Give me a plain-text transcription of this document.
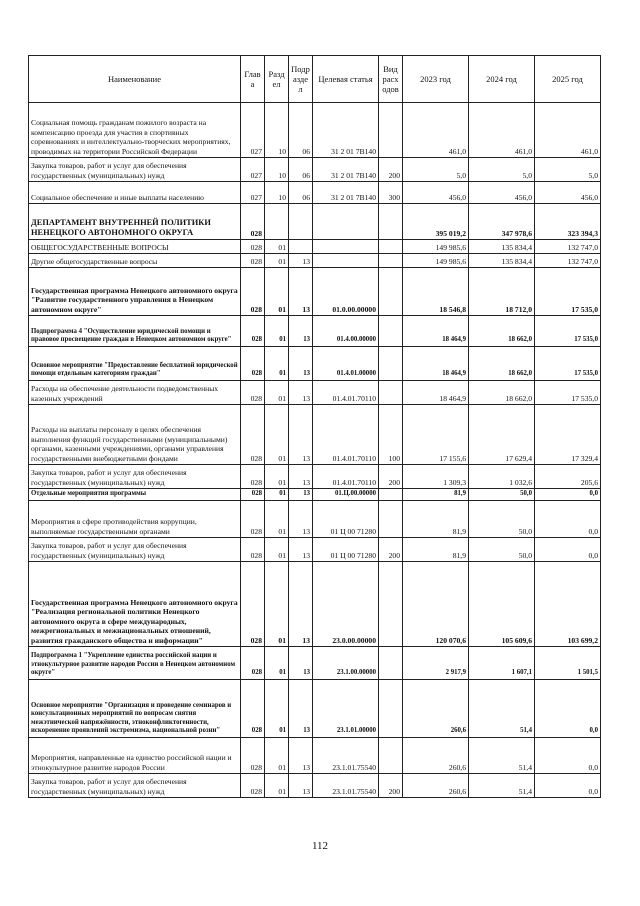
Наименование	Глав а	Разд ел	Подр азде л	Целевая статья	Вид расх одов	2023 год	2024 год	2025 год
Социальная помощь гражданам пожилого возраста на компенсацию проезда для участия в спортивных соревнованиях и интеллектуально-творческих мероприятиях, проводимых на территории Российской Федерации	027	10	06	31 2 01 7В140		461,0	461,0	461,0
Закупка товаров, работ и услуг для обеспечения государственных (муниципальных) нужд	027	10	06	31 2 01 7В140	200	5,0	5,0	5,0
Социальное обеспечение и иные выплаты населению	027	10	06	31 2 01 7В140	300	456,0	456,0	456,0
ДЕПАРТАМЕНТ ВНУТРЕННЕЙ ПОЛИТИКИ НЕНЕЦКОГО АВТОНОМНОГО ОКРУГА	028					395 019,2	347 978,6	323 394,3
ОБЩЕГОСУДАРСТВЕННЫЕ ВОПРОСЫ	028	01				149 985,6	135 834,4	132 747,0
Другие общегосударственные вопросы	028	01	13			149 985,6	135 834,4	132 747,0
Государственная программа Ненецкого автономного округа "Развитие государственного управления в Ненецком автономном округе"	028	01	13	01.0.00.00000		18 546,8	18 712,0	17 535,0
Подпрограмма 4 "Осуществление юридической помощи и правовое просвещение граждан в Ненецком автономном округе"	028	01	13	01.4.00.00000		18 464,9	18 662,0	17 535,0
Основное мероприятие "Предоставление бесплатной юридической помощи отдельным категориям граждан"	028	01	13	01.4.01.00000		18 464,9	18 662,0	17 535,0
Расходы на обеспечение деятельности подведомственных казенных учреждений	028	01	13	01.4.01.70110		18 464,9	18 662,0	17 535,0
Расходы на выплаты персоналу в целях обеспечения выполнения функций государственными (муниципальными) органами, казенными учреждениями, органами управления государственными внебюджетными фондами	028	01	13	01.4.01.70110	100	17 155,6	17 629,4	17 329,4
Закупка товаров, работ и услуг для обеспечения государственных (муниципальных) нужд	028	01	13	01.4.01.70110	200	1 309,3	1 032,6	205,6
Отдельные мероприятия программы	028	01	13	01.Ц.00.00000		81,9	50,0	0,0
Мероприятия в сфере противодействия коррупции, выполняемые государственными органами	028	01	13	01 Ц 00 71280		81,9	50,0	0,0
Закупка товаров, работ и услуг для обеспечения государственных (муниципальных) нужд	028	01	13	01 Ц 00 71280	200	81,9	50,0	0,0
Государственная программа Ненецкого автономного округа "Реализация региональной политики Ненецкого автономного округа в сфере международных, межрегиональных и межнациональных отношений, развития гражданского общества и информации"	028	01	13	23.0.00.00000		120 070,6	105 609,6	103 699,2
Подпрограмма 1 "Укрепление единства российской нации и этнокультурное развитие народов России в Ненецком автономном округе"	028	01	13	23.1.00.00000		2 917,9	1 607,1	1 501,5
Основное мероприятие "Организация и проведение семинаров и консультационных мероприятий по вопросам снятия межэтнической напряжённости, этноконфликтогенности, искоренение проявлений экстремизма, национальной розни"	028	01	13	23.1.01.00000		260,6	51,4	0,0
Мероприятия, направленные на единство российской нации и этнокультурное развитие народов России	028	01	13	23.1.01.75540		260,6	51,4	0,0
Закупка товаров, работ и услуг для обеспечения государственных (муниципальных) нужд	028	01	13	23.1.01.75540	200	260,6	51,4	0,0
112
